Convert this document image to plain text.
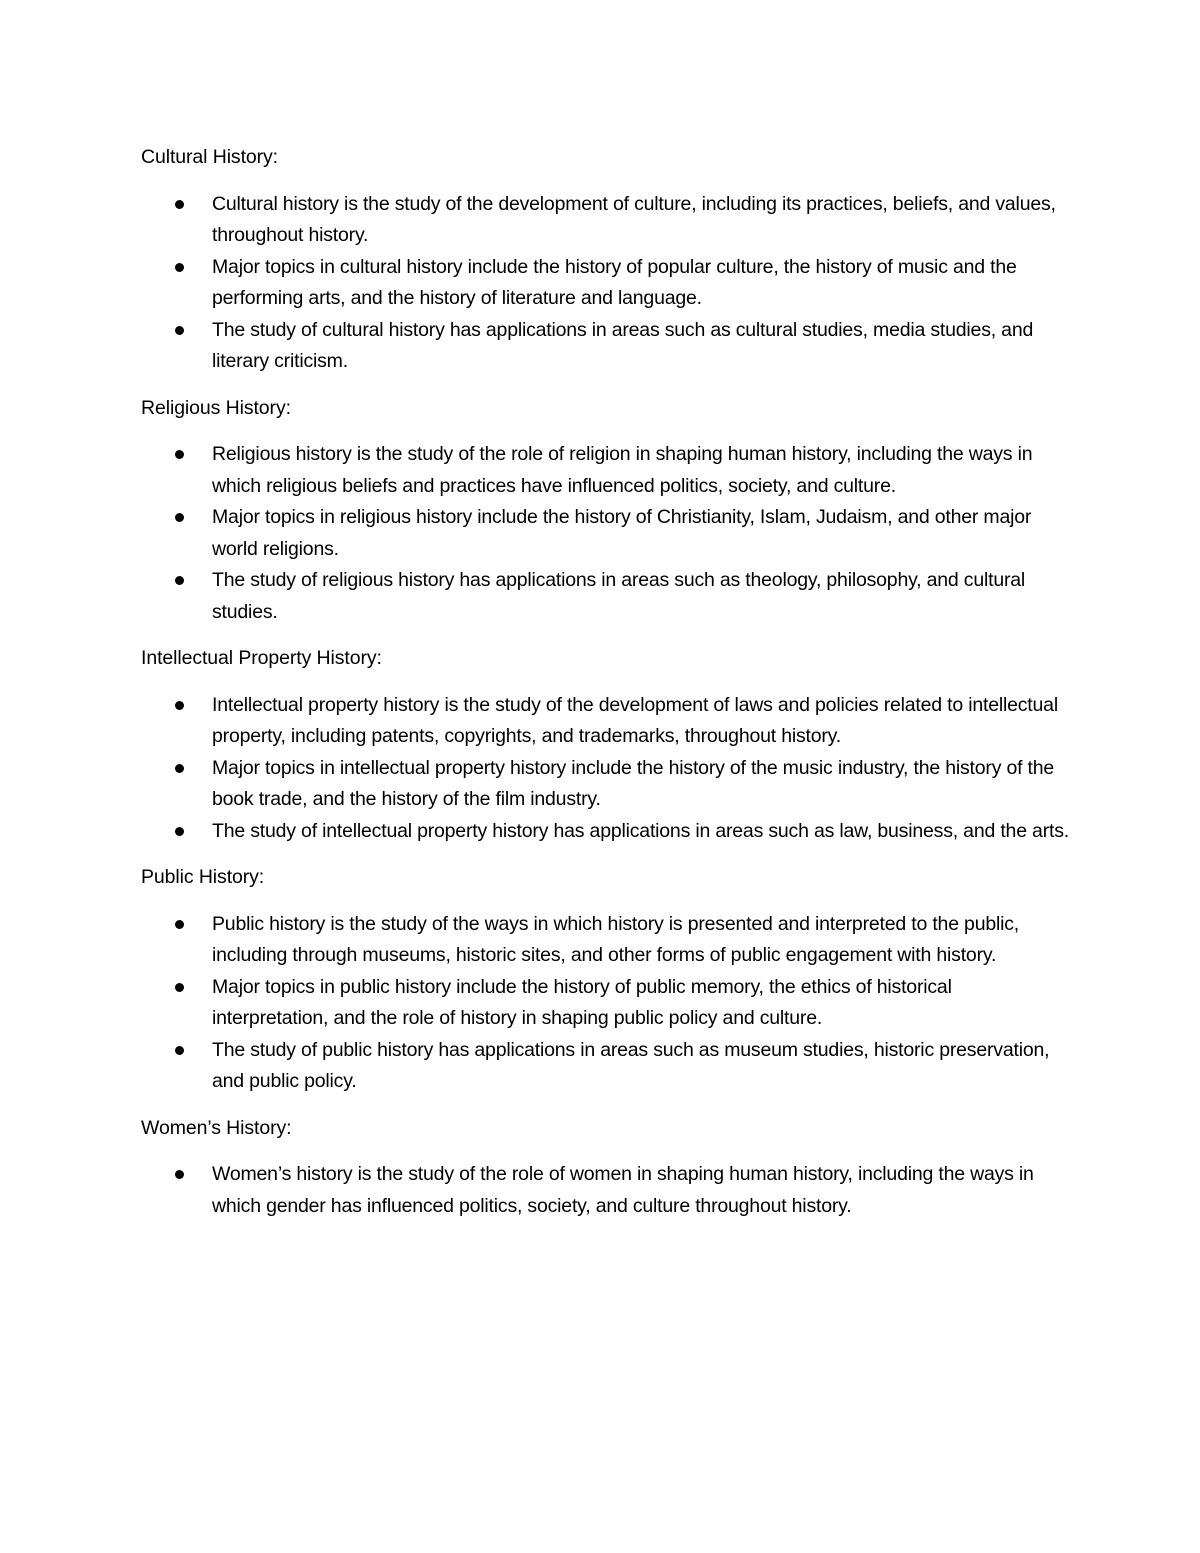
Cultural History:

Cultural history is the study of the development of culture, including its practices, beliefs, and values, throughout history.
Major topics in cultural history include the history of popular culture, the history of music and the performing arts, and the history of literature and language.
The study of cultural history has applications in areas such as cultural studies, media studies, and literary criticism.

Religious History:

Religious history is the study of the role of religion in shaping human history, including the ways in which religious beliefs and practices have influenced politics, society, and culture.
Major topics in religious history include the history of Christianity, Islam, Judaism, and other major world religions.
The study of religious history has applications in areas such as theology, philosophy, and cultural studies.

Intellectual Property History:

Intellectual property history is the study of the development of laws and policies related to intellectual property, including patents, copyrights, and trademarks, throughout history.
Major topics in intellectual property history include the history of the music industry, the history of the book trade, and the history of the film industry.
The study of intellectual property history has applications in areas such as law, business, and the arts.

Public History:

Public history is the study of the ways in which history is presented and interpreted to the public, including through museums, historic sites, and other forms of public engagement with history.
Major topics in public history include the history of public memory, the ethics of historical interpretation, and the role of history in shaping public policy and culture.
The study of public history has applications in areas such as museum studies, historic preservation, and public policy.

Women’s History:

Women’s history is the study of the role of women in shaping human history, including the ways in which gender has influenced politics, society, and culture throughout history.
